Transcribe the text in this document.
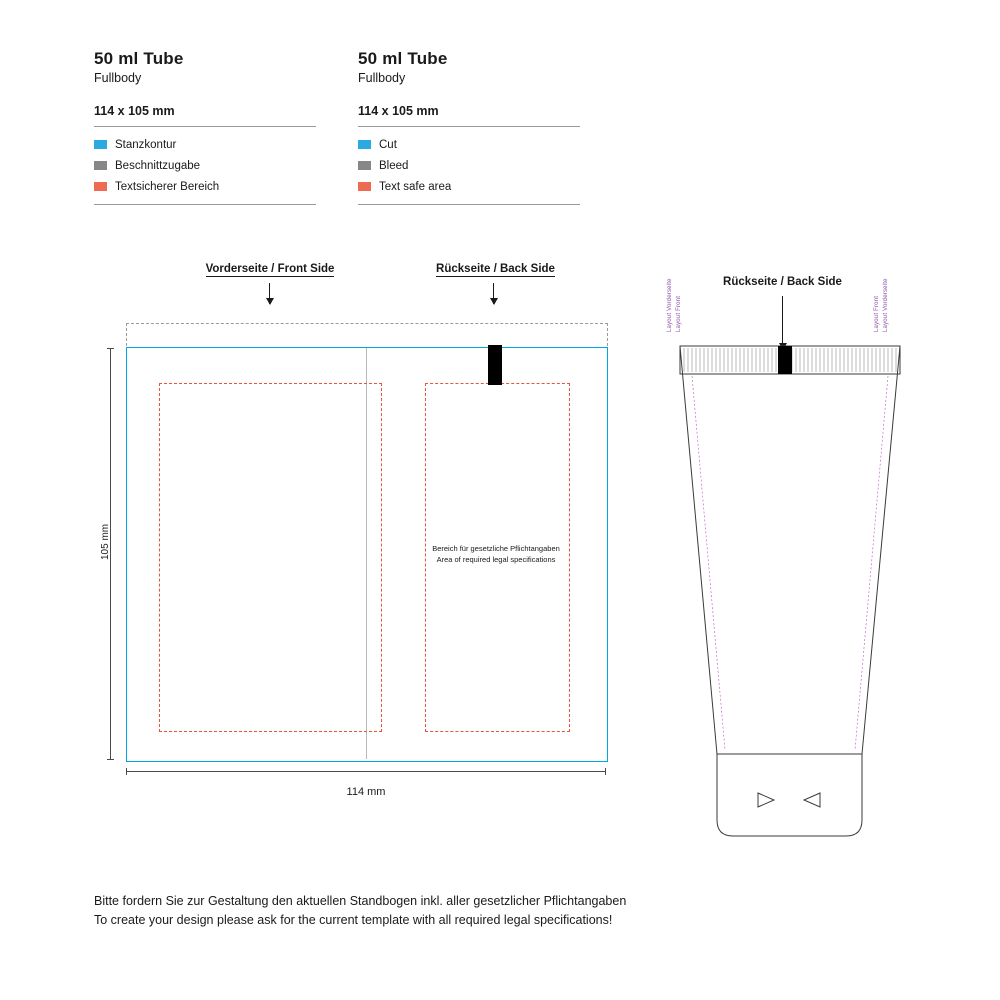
50 ml Tube
Fullbody
114 x 105 mm
Stanzkontur
Beschnittzugabe
Textsicherer Bereich
50 ml Tube
Fullbody
114 x 105 mm
Cut
Bleed
Text safe area
Vorderseite / Front Side	Rückseite / Back Side
Rückseite / Back Side
Bereich für gesetzliche Pflichtangaben
Area of required legal specifications
105 mm
114 mm
Layout Vorderseite Layout Front	Layout Front Layout Vorderseite
Bitte fordern Sie zur Gestaltung den aktuellen Standbogen inkl. aller gesetzlicher Pflichtangaben
To create your design please ask for the current template with all required legal specifications!
